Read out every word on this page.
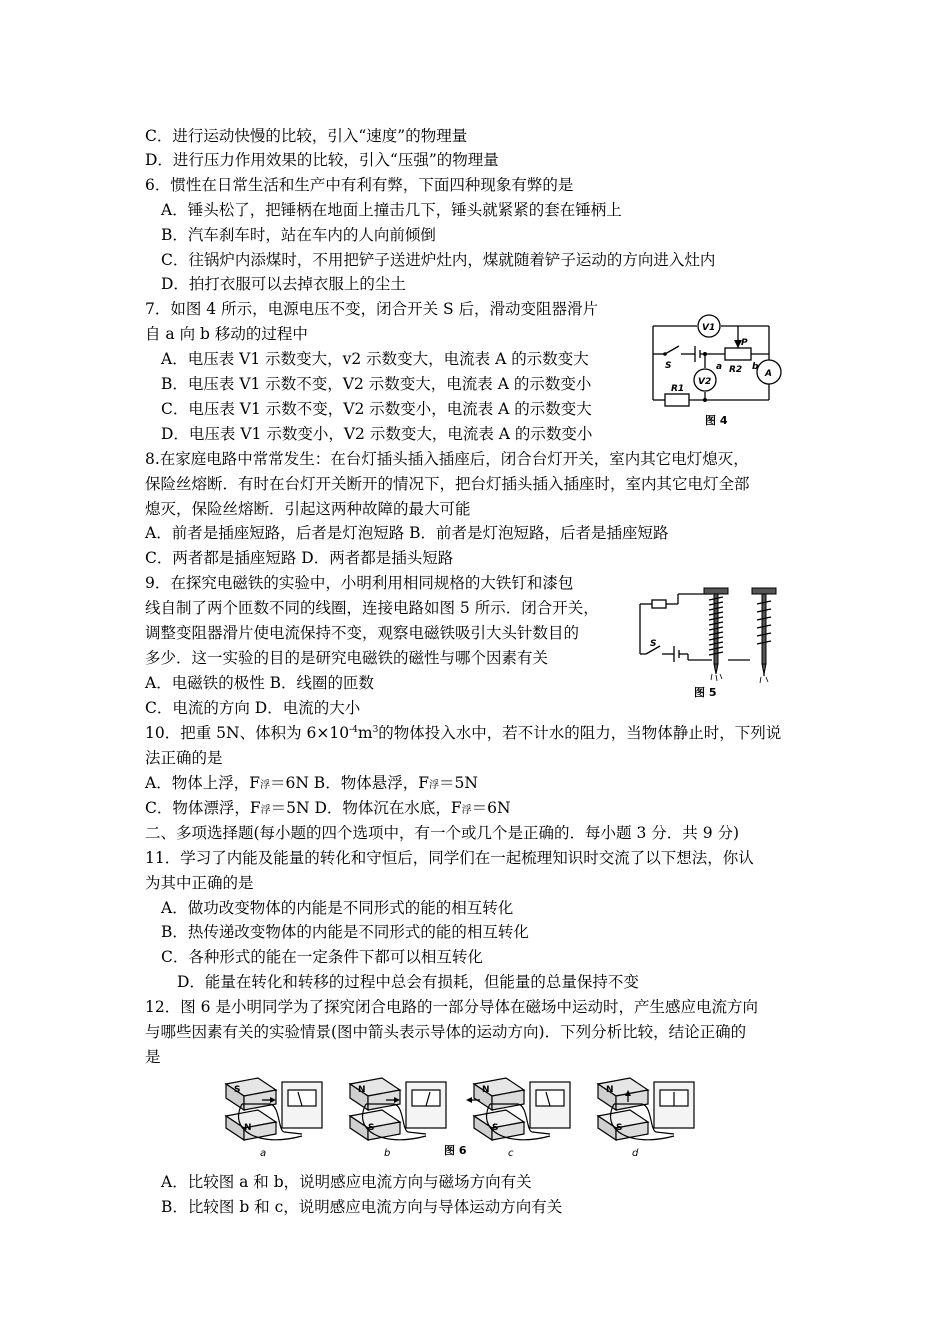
C．进行运动快慢的比较，引入“速度”的物理量
D．进行压力作用效果的比较，引入“压强”的物理量
6．惯性在日常生活和生产中有利有弊，下面四种现象有弊的是
A．锤头松了，把锤柄在地面上撞击几下，锤头就紧紧的套在锤柄上
B．汽车刹车时，站在车内的人向前倾倒
C．往锅炉内添煤时，不用把铲子送进炉灶内，煤就随着铲子运动的方向进入灶内
D．拍打衣服可以去掉衣服上的尘土
7．如图 4 所示，电源电压不变，闭合开关 S 后，滑动变阻器滑片
自 a 向 b 移动的过程中
A．电压表 V1 示数变大，v2 示数变大，电流表 A 的示数变大
B．电压表 V1 示数不变，V2 示数变大，电流表 A 的示数变小
C．电压表 V1 示数不变，V2 示数变小，电流表 A 的示数变大
D．电压表 V1 示数变小，V2 示数变大，电流表 A 的示数变小
8.在家庭电路中常常发生：在台灯插头插入插座后，闭合台灯开关，室内其它电灯熄灭，
保险丝熔断．有时在台灯开关断开的情况下，把台灯插头插入插座时，室内其它电灯全部
熄灭，保险丝熔断．引起这两种故障的最大可能
A．前者是插座短路，后者是灯泡短路 B．前者是灯泡短路，后者是插座短路
C．两者都是插座短路 D．两者都是插头短路
9．在探究电磁铁的实验中，小明利用相同规格的大铁钉和漆包
线自制了两个匝数不同的线圈，连接电路如图 5 所示．闭合开关，
调整变阻器滑片使电流保持不变，观察电磁铁吸引大头针数目的
多少．这一实验的目的是研究电磁铁的磁性与哪个因素有关
A．电磁铁的极性 B．线圈的匝数
C．电流的方向 D．电流的大小
10．把重 5N、体积为 $6\times 10^{-4}m^3$的物体投入水中，若不计水的阻力，当物体静止时，下列说
法正确的是
A．物体上浮，F浮＝6N B．物体悬浮，F浮＝5N
C．物体漂浮，F浮＝5N D．物体沉在水底，F浮＝6N
二、多项选择题(每小题的四个选项中，有一个或几个是正确的．每小题 3 分．共 9 分)
11．学习了内能及能量的转化和守恒后，同学们在一起梳理知识时交流了以下想法，你认
为其中正确的是
A．做功改变物体的内能是不同形式的能的相互转化
B．热传递改变物体的内能是不同形式的能的相互转化
C．各种形式的能在一定条件下都可以相互转化
D．能量在转化和转移的过程中总会有损耗，但能量的总量保持不变
12．图 6 是小明同学为了探究闭合电路的一部分导体在磁场中运动时，产生感应电流方向
与哪些因素有关的实验情景(图中箭头表示导体的运动方向)．下列分析比较，结论正确的
是
A．比较图 a 和 b，说明感应电流方向与磁场方向有关
B．比较图 b 和 c，说明感应电流方向与导体运动方向有关
V1
V2
A
P
R2
R1
S	a	b
图 4
S
图 5
S
N
a
N
S
b
N
S
c
N
S
d
图 6
